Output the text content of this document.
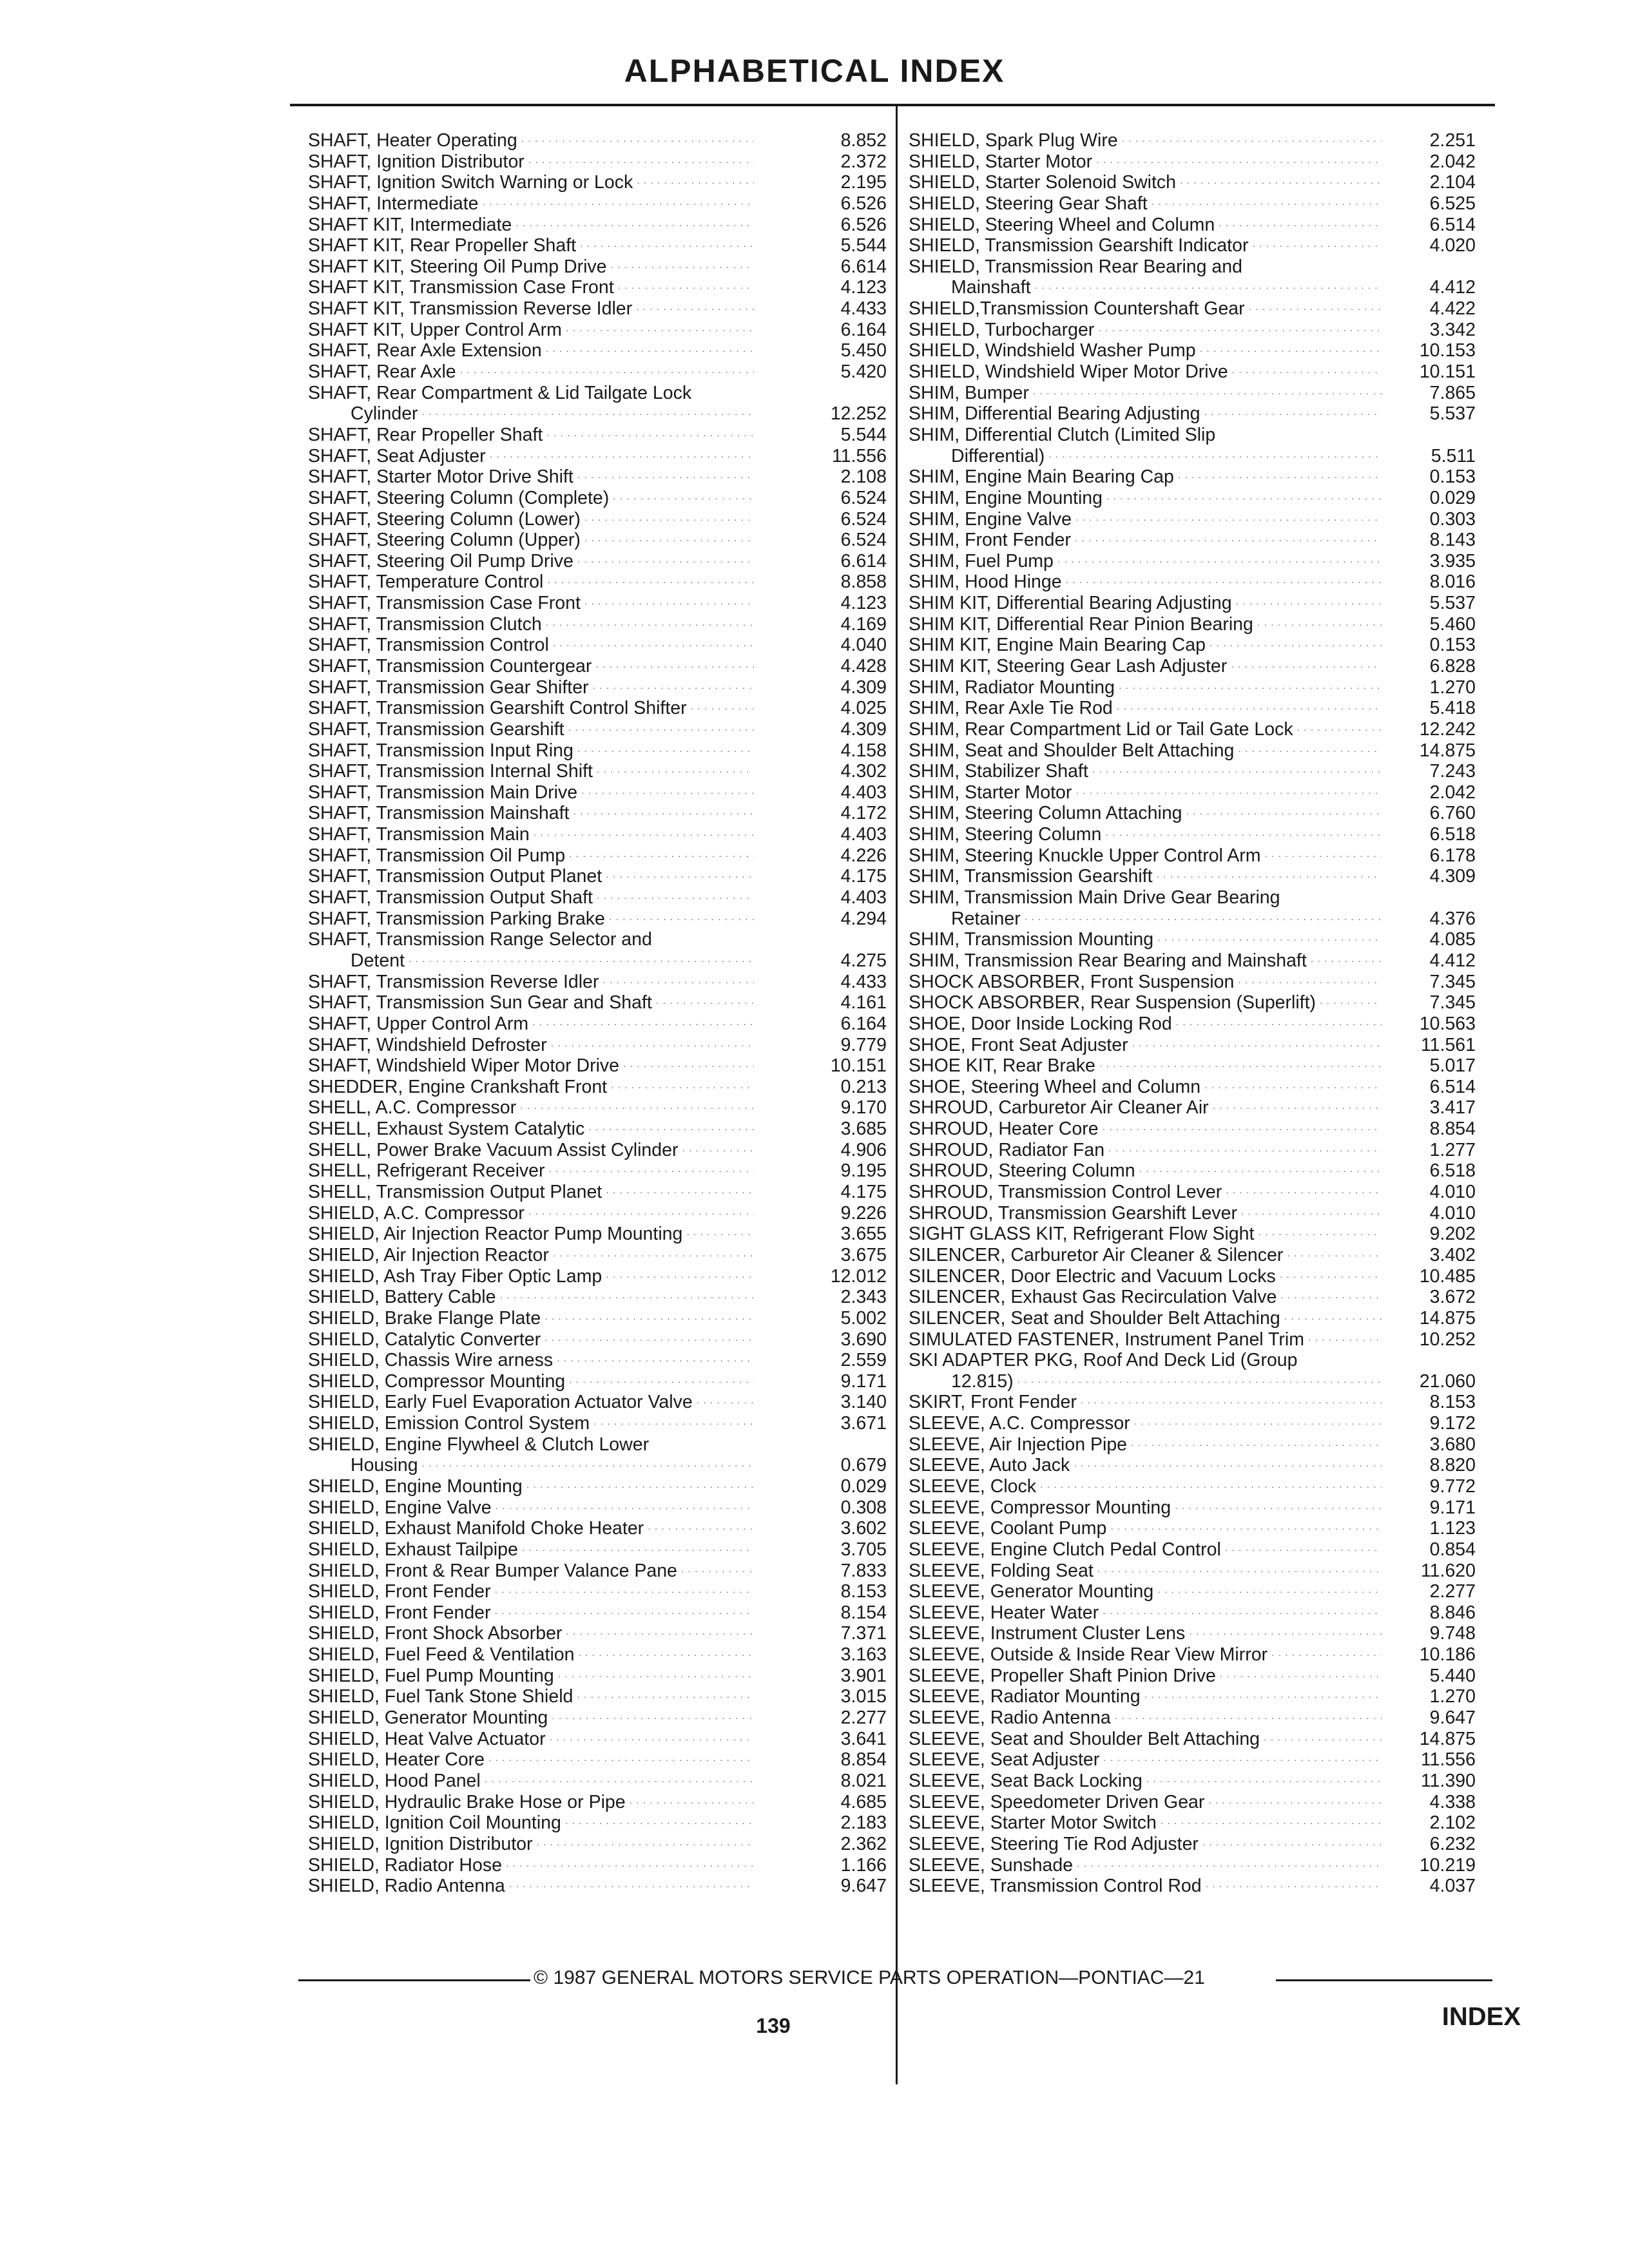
ALPHABETICAL INDEX
SHAFT, Heater Operating · · ·	8.852
SHAFT, Ignition Distributor · · ·	2.372
SHAFT, Ignition Switch Warning or Lock · · ·	2.195
SHAFT, Intermediate · · ·	6.526
SHAFT KIT, Intermediate · · ·	6.526
SHAFT KIT, Rear Propeller Shaft · · ·	5.544
SHAFT KIT, Steering Oil Pump Drive · · ·	6.614
SHAFT KIT, Transmission Case Front · · ·	4.123
SHAFT KIT, Transmission Reverse Idler · · ·	4.433
SHAFT KIT, Upper Control Arm · · ·	6.164
SHAFT, Rear Axle Extension · · ·	5.450
SHAFT, Rear Axle · · ·	5.420
SHAFT, Rear Compartment & Lid Tailgate Lock
Cylinder · · ·	12.252
SHAFT, Rear Propeller Shaft · · ·	5.544
SHAFT, Seat Adjuster · · ·	11.556
SHAFT, Starter Motor Drive Shift · · ·	2.108
SHAFT, Steering Column (Complete) · · ·	6.524
SHAFT, Steering Column (Lower) · · ·	6.524
SHAFT, Steering Column (Upper) · · ·	6.524
SHAFT, Steering Oil Pump Drive · · ·	6.614
SHAFT, Temperature Control · · ·	8.858
SHAFT, Transmission Case Front · · ·	4.123
SHAFT, Transmission Clutch · · ·	4.169
SHAFT, Transmission Control · · ·	4.040
SHAFT, Transmission Countergear · · ·	4.428
SHAFT, Transmission Gear Shifter · · ·	4.309
SHAFT, Transmission Gearshift Control Shifter · · ·	4.025
SHAFT, Transmission Gearshift · · ·	4.309
SHAFT, Transmission Input Ring · · ·	4.158
SHAFT, Transmission Internal Shift · · ·	4.302
SHAFT, Transmission Main Drive · · ·	4.403
SHAFT, Transmission Mainshaft · · ·	4.172
SHAFT, Transmission Main · · ·	4.403
SHAFT, Transmission Oil Pump · · ·	4.226
SHAFT, Transmission Output Planet · · ·	4.175
SHAFT, Transmission Output Shaft · · ·	4.403
SHAFT, Transmission Parking Brake · · ·	4.294
SHAFT, Transmission Range Selector and
Detent · · ·	4.275
SHAFT, Transmission Reverse Idler · · ·	4.433
SHAFT, Transmission Sun Gear and Shaft · · ·	4.161
SHAFT, Upper Control Arm · · ·	6.164
SHAFT, Windshield Defroster · · ·	9.779
SHAFT, Windshield Wiper Motor Drive · · ·	10.151
SHEDDER, Engine Crankshaft Front · · ·	0.213
SHELL, A.C. Compressor · · ·	9.170
SHELL, Exhaust System Catalytic · · ·	3.685
SHELL, Power Brake Vacuum Assist Cylinder · · ·	4.906
SHELL, Refrigerant Receiver · · ·	9.195
SHELL, Transmission Output Planet · · ·	4.175
SHIELD, A.C. Compressor · · ·	9.226
SHIELD, Air Injection Reactor Pump Mounting · · ·	3.655
SHIELD, Air Injection Reactor · · ·	3.675
SHIELD, Ash Tray Fiber Optic Lamp · · ·	12.012
SHIELD, Battery Cable · · ·	2.343
SHIELD, Brake Flange Plate · · ·	5.002
SHIELD, Catalytic Converter · · ·	3.690
SHIELD, Chassis Wire arness · · ·	2.559
SHIELD, Compressor Mounting · · ·	9.171
SHIELD, Early Fuel Evaporation Actuator Valve · · ·	3.140
SHIELD, Emission Control System · · ·	3.671
SHIELD, Engine Flywheel & Clutch Lower
Housing · · ·	0.679
SHIELD, Engine Mounting · · ·	0.029
SHIELD, Engine Valve · · ·	0.308
SHIELD, Exhaust Manifold Choke Heater · · ·	3.602
SHIELD, Exhaust Tailpipe · · ·	3.705
SHIELD, Front & Rear Bumper Valance Pane · · ·	7.833
SHIELD, Front Fender · · ·	8.153
SHIELD, Front Fender · · ·	8.154
SHIELD, Front Shock Absorber · · ·	7.371
SHIELD, Fuel Feed & Ventilation · · ·	3.163
SHIELD, Fuel Pump Mounting · · ·	3.901
SHIELD, Fuel Tank Stone Shield · · ·	3.015
SHIELD, Generator Mounting · · ·	2.277
SHIELD, Heat Valve Actuator · · ·	3.641
SHIELD, Heater Core · · ·	8.854
SHIELD, Hood Panel · · ·	8.021
SHIELD, Hydraulic Brake Hose or Pipe · · ·	4.685
SHIELD, Ignition Coil Mounting · · ·	2.183
SHIELD, Ignition Distributor · · ·	2.362
SHIELD, Radiator Hose · · ·	1.166
SHIELD, Radio Antenna · · ·	9.647
SHIELD, Spark Plug Wire · · ·	2.251
SHIELD, Starter Motor · · ·	2.042
SHIELD, Starter Solenoid Switch · · ·	2.104
SHIELD, Steering Gear Shaft · · ·	6.525
SHIELD, Steering Wheel and Column · · ·	6.514
SHIELD, Transmission Gearshift Indicator · · ·	4.020
SHIELD, Transmission Rear Bearing and
Mainshaft · · ·	4.412
SHIELD,Transmission Countershaft Gear · · ·	4.422
SHIELD, Turbocharger · · ·	3.342
SHIELD, Windshield Washer Pump · · ·	10.153
SHIELD, Windshield Wiper Motor Drive · · ·	10.151
SHIM, Bumper · · ·	7.865
SHIM, Differential Bearing Adjusting · · ·	5.537
SHIM, Differential Clutch (Limited Slip
Differential) · · ·	5.511
SHIM, Engine Main Bearing Cap · · ·	0.153
SHIM, Engine Mounting · · ·	0.029
SHIM, Engine Valve · · ·	0.303
SHIM, Front Fender · · ·	8.143
SHIM, Fuel Pump · · ·	3.935
SHIM, Hood Hinge · · ·	8.016
SHIM KIT, Differential Bearing Adjusting · · ·	5.537
SHIM KIT, Differential Rear Pinion Bearing · · ·	5.460
SHIM KIT, Engine Main Bearing Cap · · ·	0.153
SHIM KIT, Steering Gear Lash Adjuster · · ·	6.828
SHIM, Radiator Mounting · · ·	1.270
SHIM, Rear Axle Tie Rod · · ·	5.418
SHIM, Rear Compartment Lid or Tail Gate Lock · · ·	12.242
SHIM, Seat and Shoulder Belt Attaching · · ·	14.875
SHIM, Stabilizer Shaft · · ·	7.243
SHIM, Starter Motor · · ·	2.042
SHIM, Steering Column Attaching · · ·	6.760
SHIM, Steering Column · · ·	6.518
SHIM, Steering Knuckle Upper Control Arm · · ·	6.178
SHIM, Transmission Gearshift · · ·	4.309
SHIM, Transmission Main Drive Gear Bearing
Retainer · · ·	4.376
SHIM, Transmission Mounting · · ·	4.085
SHIM, Transmission Rear Bearing and Mainshaft · · ·	4.412
SHOCK ABSORBER, Front Suspension · · ·	7.345
SHOCK ABSORBER, Rear Suspension (Superlift) · · ·	7.345
SHOE, Door Inside Locking Rod · · ·	10.563
SHOE, Front Seat Adjuster · · ·	11.561
SHOE KIT, Rear Brake · · ·	5.017
SHOE, Steering Wheel and Column · · ·	6.514
SHROUD, Carburetor Air Cleaner Air · · ·	3.417
SHROUD, Heater Core · · ·	8.854
SHROUD, Radiator Fan · · ·	1.277
SHROUD, Steering Column · · ·	6.518
SHROUD, Transmission Control Lever · · ·	4.010
SHROUD, Transmission Gearshift Lever · · ·	4.010
SIGHT GLASS KIT, Refrigerant Flow Sight · · ·	9.202
SILENCER, Carburetor Air Cleaner & Silencer · · ·	3.402
SILENCER, Door Electric and Vacuum Locks · · ·	10.485
SILENCER, Exhaust Gas Recirculation Valve · · ·	3.672
SILENCER, Seat and Shoulder Belt Attaching · · ·	14.875
SIMULATED FASTENER, Instrument Panel Trim · · ·	10.252
SKI ADAPTER PKG, Roof And Deck Lid (Group
12.815) · · ·	21.060
SKIRT, Front Fender · · ·	8.153
SLEEVE, A.C. Compressor · · ·	9.172
SLEEVE, Air Injection Pipe · · ·	3.680
SLEEVE, Auto Jack · · ·	8.820
SLEEVE, Clock · · ·	9.772
SLEEVE, Compressor Mounting · · ·	9.171
SLEEVE, Coolant Pump · · ·	1.123
SLEEVE, Engine Clutch Pedal Control · · ·	0.854
SLEEVE, Folding Seat · · ·	11.620
SLEEVE, Generator Mounting · · ·	2.277
SLEEVE, Heater Water · · ·	8.846
SLEEVE, Instrument Cluster Lens · · ·	9.748
SLEEVE, Outside & Inside Rear View Mirror · · ·	10.186
SLEEVE, Propeller Shaft Pinion Drive · · ·	5.440
SLEEVE, Radiator Mounting · · ·	1.270
SLEEVE, Radio Antenna · · ·	9.647
SLEEVE, Seat and Shoulder Belt Attaching · · ·	14.875
SLEEVE, Seat Adjuster · · ·	11.556
SLEEVE, Seat Back Locking · · ·	11.390
SLEEVE, Speedometer Driven Gear · · ·	4.338
SLEEVE, Starter Motor Switch · · ·	2.102
SLEEVE, Steering Tie Rod Adjuster · · ·	6.232
SLEEVE, Sunshade · · ·	10.219
SLEEVE, Transmission Control Rod · · ·	4.037
© 1987 GENERAL MOTORS SERVICE PARTS OPERATION—PONTIAC—21
139	INDEX
